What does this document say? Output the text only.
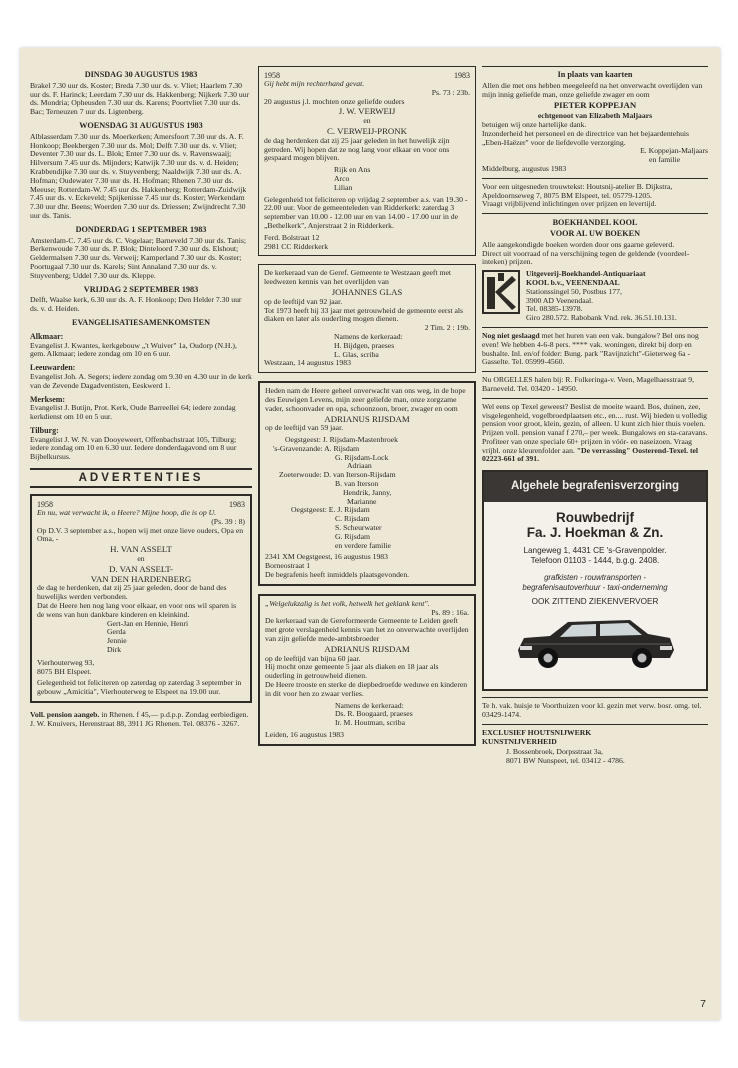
DINSDAG 30 AUGUSTUS 1983

Brakel 7.30 uur ds. Koster; Breda 7.30 uur ds. v. Vliet; Haarlem 7.30 uur ds. F. Harinck; Leerdam 7.30 uur ds. Hakkenberg; Nijkerk 7.30 uur ds. Mondria; Opheusden 7.30 uur ds. Karens; Poortvliet 7.30 uur ds. Bac; Terneuzen 7 uur ds. Ligtenberg.

WOENSDAG 31 AUGUSTUS 1983

Alblasserdam 7.30 uur ds. Moerkerken; Amersfoort 7.30 uur ds. A. F. Honkoop; Beekbergen 7.30 uur ds. Mol; Delft 7.30 uur ds. v. Vliet; Deventer 7.30 uur ds. L. Blok; Enter 7.30 uur ds. v. Ravenswaaij; Hilversum 7.45 uur ds. Mijnders; Katwijk 7.30 uur ds. v. d. Heiden; Krabbendijke 7.30 uur ds. v. Stuyvenberg; Naaldwijk 7.30 uur ds. A. Hofman; Oudewater 7.30 uur ds. H. Hofman; Rhenen 7.30 uur ds. Meeuse; Rotterdam-W. 7.45 uur ds. Hakkenberg; Rotterdam-Zuidwijk 7.45 uur ds. v. Eckeveld; Spijkenisse 7.45 uur ds. Koster; Werkendam 7.30 uur dhr. Beens; Woerden 7.30 uur ds. Driessen; Zwijndrecht 7.30 uur ds. Tanis.

DONDERDAG 1 SEPTEMBER 1983

Amsterdam-C. 7.45 uur ds. C. Vogelaar; Barneveld 7.30 uur ds. Tanis; Berkenwoude 7.30 uur ds. P. Blok; Dinteloord 7.30 uur ds. Elshout; Geldermalsen 7.30 uur ds. Verweij; Kamperland 7.30 uur ds. Koster; Poortugaal 7.30 uur ds. Karels; Sint Annaland 7.30 uur ds. v. Stuyvenberg; Uddel 7.30 uur ds. Kleppe.

VRIJDAG 2 SEPTEMBER 1983

Delft, Waalse kerk, 6.30 uur ds. A. F. Honkoop; Den Helder 7.30 uur ds. v. d. Heiden.

EVANGELISATIESAMENKOMSTEN

Alkmaar:

Evangelist J. Kwantes, kerkgebouw „'t Wuiver" 1a, Oudorp (N.H.), gem. Alkmaar; iedere zondag om 10 en 6 uur.

Leeuwarden:

Evangelist Joh. A. Segers; iedere zondag om 9.30 en 4.30 uur in de kerk van de Zevende Dagadventisten, Eeskwerd 1.

Merksem:

Evangelist J. Butijn, Prot. Kerk, Oude Barreellei 64; iedere zondag kerkdienst om 10 en 5 uur.

Tilburg:

Evangelist J. W. N. van Dooyeweert, Offenbachstraat 105, Tilburg; iedere zondag om 10 en 6.30 uur. Iedere donderdagavond om 8 uur Bijbelkursus.

ADVERTENTIES
1958	1983

En nu, wat verwacht ik, o Heere? Mijne hoop, die is op U.

(Ps. 39 : 8)

Op D.V. 3 september a.s., hopen wij met onze lieve ouders, Opa en Oma, -

H. VAN ASSELT

en

D. VAN ASSELT-

VAN DEN HARDENBERG

de dag te herdenken, dat zij 25 jaar geleden, door de band des huwelijks werden verbonden.

Dat de Heere hen nog lang voor elkaar, en voor ons wil sparen is de wens van hun dankbare kinderen en kleinkind.

Gert-Jan en Hennie, Henri

Gerda

Jennie

Dirk

Vierhouterweg 93,

8075 BH Elspeet.

Gelegenheid tot feliciteren op zaterdag op zaterdag 3 september in gebouw „Amicitia", Vierhouterweg te Elspeet na 19.00 uur.

Voll. pension aangeb. in Rhenen. f 45,— p.d.p.p. Zondag eerbiedigen. J. W. Knuivers, Herenstraat 88, 3911 JG Rhenen. Tel. 08376 - 3267.

1958	1983

Gij hebt mijn rechterhand gevat.

Ps. 73 : 23b.

20 augustus j.l. mochten onze geliefde ouders

J. W. VERWEIJ

en

C. VERWEIJ-PRONK

de dag herdenken dat zij 25 jaar geleden in het huwelijk zijn getreden. Wij hopen dat ze nog lang voor elkaar en voor ons gespaard mogen blijven.

Rijk en Ans

Arco

Lilian

Gelegenheid tot feliciteren op vrijdag 2 september a.s. van 19.30 - 22.00 uur. Voor de gemeenteleden van Ridderkerk: zaterdag 3 september van 10.00 - 12.00 uur en van 14.00 - 17.00 uur in de „Bethelkerk", Anjerstraat 2 in Ridderkerk.

Ferd. Bolstraat 12

2981 CC Ridderkerk

De kerkeraad van de Geref. Gemeente te Westzaan geeft met leedwezen kennis van het overlijden van

JOHANNES GLAS

op de leeftijd van 92 jaar.

Tot 1973 heeft hij 33 jaar met getrouwheid de gemeente eerst als diaken en later als ouderling mogen dienen.

2 Tim. 2 : 19b.

Namens de kerkeraad:

H. Bijdgen, praeses

L. Glas, scriba

Westzaan, 14 augustus 1983

Heden nam de Heere geheel onverwacht van ons weg, in de hope des Eeuwigen Levens, mijn zeer geliefde man, onze zorgzame vader, schoonvader en opa, schoonzoon, broer, zwager en oom

ADRIANUS RIJSDAM

op de leeftijd van 59 jaar.

Oegstgeest: J. Rijsdam-Mastenbroek

's-Gravenzande: A. Rijsdam

G. Rijsdam-Lock

Adriaan

Zoeterwoude: D. van Iterson-Rijsdam

B. van Iterson

Hendrik, Janny,

Marianne

Oegstgeest: E. J. Rijsdam

C. Rijsdam

S. Scheurwater

G. Rijsdam

en verdere familie

2341 XM Oegstgeest, 16 augustus 1983

Borneostraat 1

De begrafenis heeft inmiddels plaatsgevonden.

„Welgelukzalig is het volk, hetwelk het geklank kent".

Ps. 89 : 16a.

De kerkeraad van de Gereformeerde Gemeente te Leiden geeft met grote verslagenheid kennis van het zo onverwachte overlijden van zijn geliefde mede-ambtsbroeder

ADRIANUS RIJSDAM

op de leeftijd van bijna 60 jaar.

Hij mocht onze gemeente 5 jaar als diaken en 18 jaar als ouderling in getrouwheid dienen.

De Heere trooste en sterke de diepbedroefde weduwe en kinderen in dit voor hen zo zwaar verlies.

Namens de kerkeraad:

Ds. R. Boogaard, praeses

Ir. M. Houtman, scriba

Leiden, 16 augustus 1983

In plaats van kaarten

Allen die met ons hebben meegeleefd na het onverwacht overlijden van mijn innig geliefde man, onze geliefde zwager en oom

PIETER KOPPEJAN

echtgenoot van Elizabeth Maljaars

betuigen wij onze hartelijke dank.

Inzonderheid het personeel en de directrice van het bejaardentehuis „Eben-Haëzer" voor de liefdevolle verzorging.

E. Koppejan-Maljaars

en familie

Middelburg, augustus 1983

Voor een uitgesneden trouwtekst: Houtsnij-atelier B. Dijkstra, Apeldoornseweg 7, 8075 BM Elspeet, tel. 05779-1205.

Vraagt vrijblijvend inlichtingen over prijzen en levertijd.

BOEKHANDEL KOOL

VOOR AL UW BOEKEN

Alle aangekondigde boeken worden door ons gaarne geleverd.

Direct uit voorraad of na verschijning tegen de geldende (voordeel-inteken) prijzen.

K	Uitgeverij-Boekhandel-Antiquariaat

KOOL b.v., VEENENDAAL

Stationssingel 50, Postbus 177,

3900 AD Veenendaal.

Tel. 08385-13978.

Giro 280.572. Rabobank Vnd. rek. 36.51.10.131.

Nog niet geslaagd met het huren van een vak. bungalow? Bel ons nog even! We hebben 4-6-8 pers. **** vak. woningen, direkt bij dorp en bushalte. Inl. en/of folder: Bung. park "Ravijnzicht"-Gieterweg 6a - Gasselte. Tel. 05999-4560.

Nu ORGELLES halen bij: R. Folkeringa-v. Veen, Magelhaesstraat 9, Barneveld. Tel. 03420 - 14950.

Wel eens op Texel geweest? Beslist de moeite waard. Bos, duinen, zee, visgelegenheid, vogelbroedplaatsen etc., en.... rust. Wij bieden u volledig pension voor groot, klein, gezin, of alleen. U kunt zich hier thuis voelen. Prijzen voll. pension vanaf f 270,– per week. Bungalows en sta-caravans. Profiteer van onze speciale 60+ prijzen in vóór- en naseizoen. Vraag vrijbl. onze kleurenfolder aan. "De verrassing" Oosterend-Texel. tel 02223-661 of 391.

Algehele begrafenisverzorging
Rouwbedrijf
Fa. J. Hoekman & Zn.
Langeweg 1, 4431 CE 's-Gravenpolder.
Telefoon 01103 - 1444, b.g.g. 2408.
grafkisten - rouwtransporten -
begrafenisautoverhuur - taxi-onderneming
OOK ZITTEND ZIEKENVERVOER

Te h. vak. huisje te Voorthuizen voor kl. gezin met verw. bosr. omg. tel. 03429-1474.

EXCLUSIEF HOUTSNIJWERK

KUNSTNIJVERHEID

J. Bossenbroek, Dorpsstraat 3a,

8071 BW Nunspeet, tel. 03412 - 4786.

7
